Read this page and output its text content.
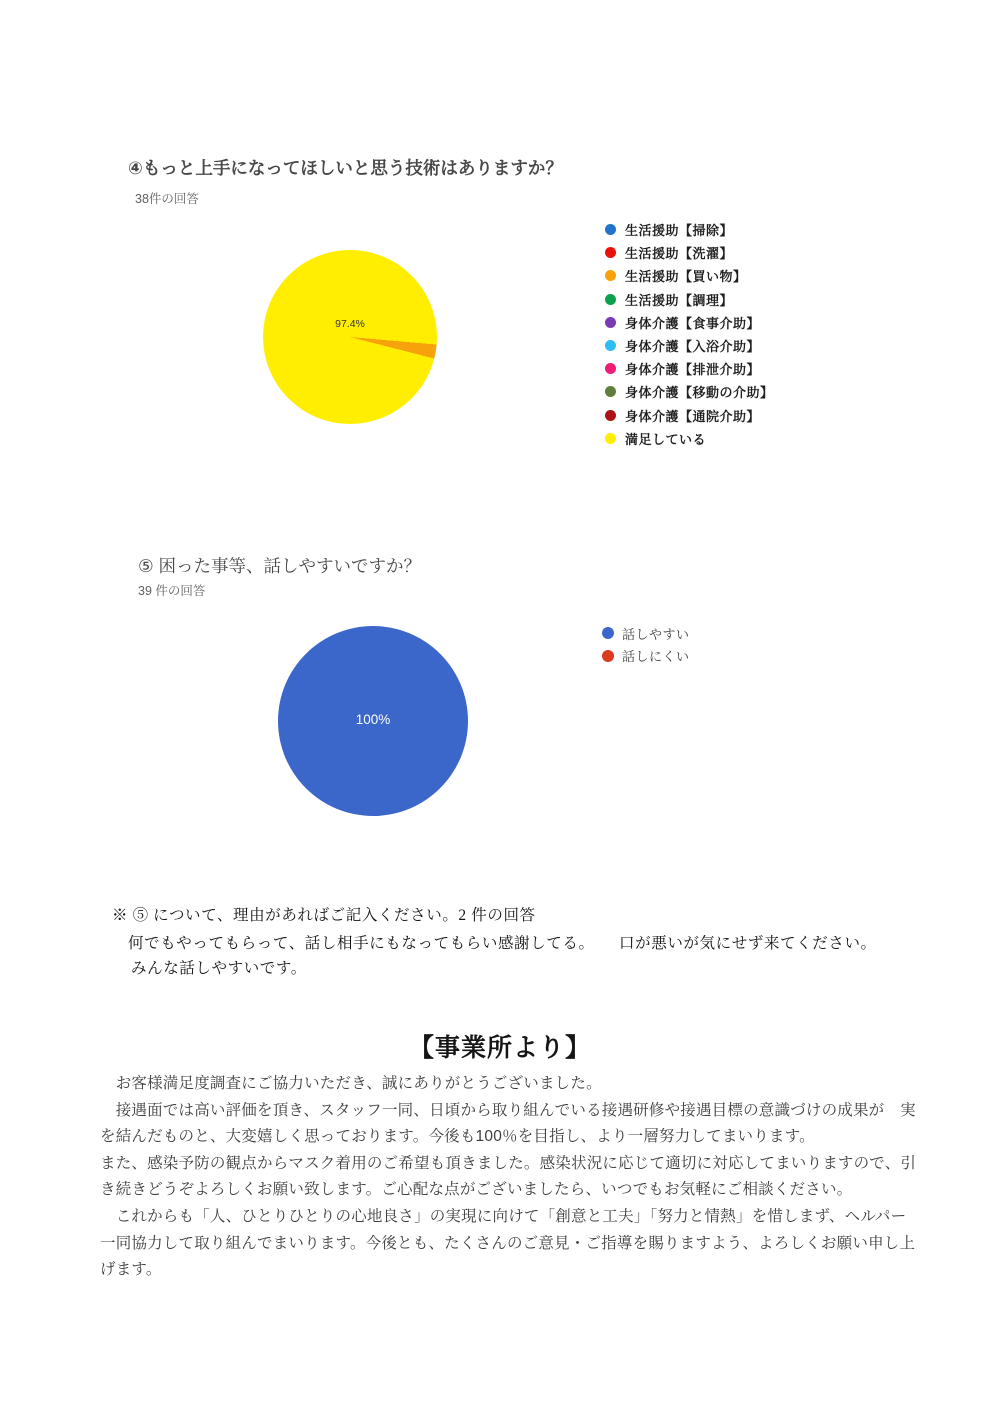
④もっと上手になってほしいと思う技術はありますか？
38件の回答
97.4%
生活援助【掃除】
生活援助【洗濯】
生活援助【買い物】
生活援助【調理】
身体介護【食事介助】
身体介護【入浴介助】
身体介護【排泄介助】
身体介護【移動の介助】
身体介護【通院介助】
満足している
⑤ 困った事等、話しやすいですか？
39 件の回答
100%
話しやすい
話しにくい
※ ⑤ について、理由があればご記入ください。2 件の回答
何でもやってもらって、話し相手にもなってもらい感謝してる。　　口が悪いが気にせず来てください。
みんな話しやすいです。
【事業所より】
　お客様満足度調査にご協力いただき、誠にありがとうございました。
　接遇面では高い評価を頂き、スタッフ一同、日頃から取り組んでいる接遇研修や接遇目標の意識づけの成果が　実
を結んだものと、大変嬉しく思っております。今後も100％を目指し、より一層努力してまいります。
また、感染予防の観点からマスク着用のご希望も頂きました。感染状況に応じて適切に対応してまいりますので、引
き続きどうぞよろしくお願い致します。ご心配な点がございましたら、いつでもお気軽にご相談ください。
　これからも「人、ひとりひとりの心地良さ」の実現に向けて「創意と工夫」「努力と情熱」を惜しまず、ヘルパー
一同協力して取り組んでまいります。今後とも、たくさんのご意見・ご指導を賜りますよう、よろしくお願い申し上
げます。
